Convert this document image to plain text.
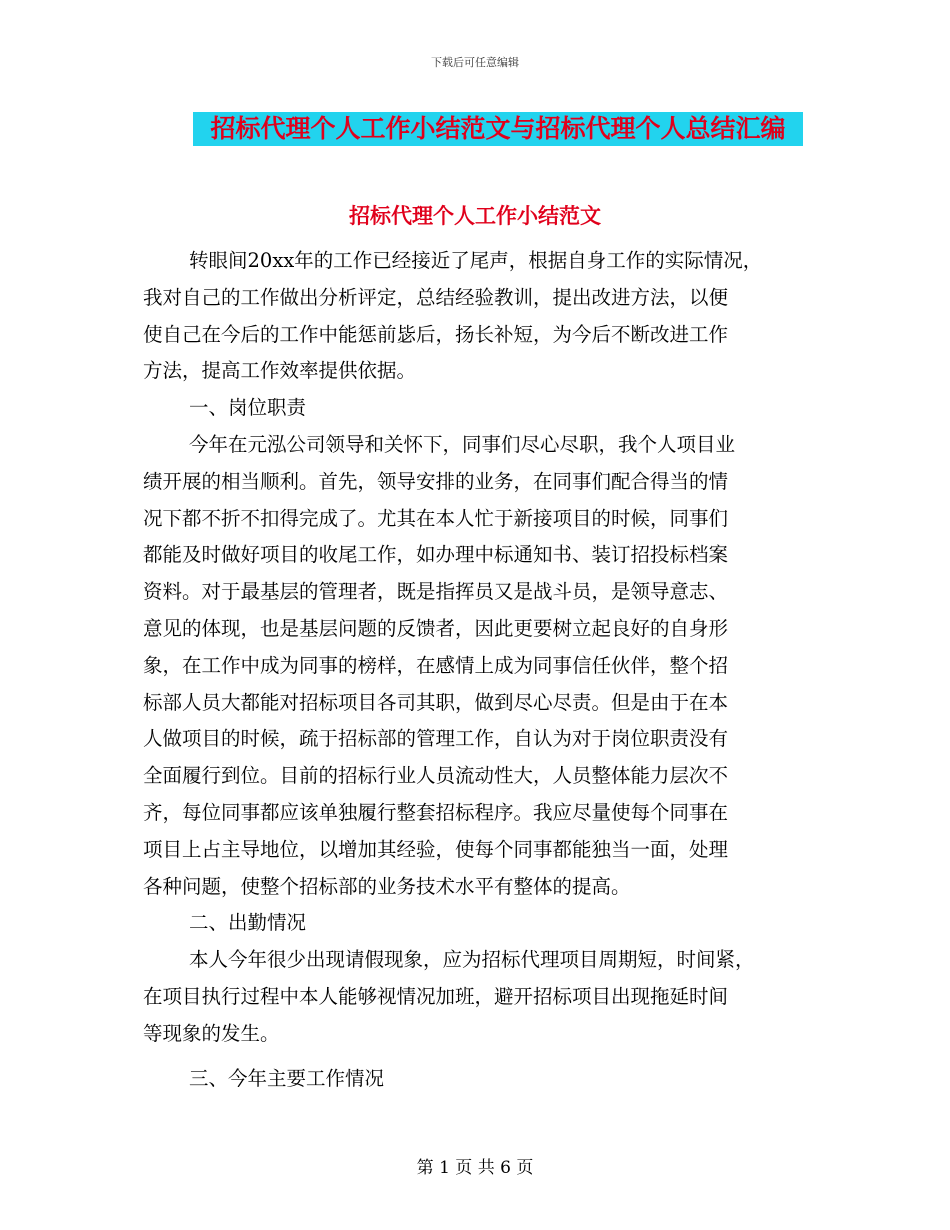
下载后可任意编辑
招标代理个人工作小结范文与招标代理个人总结汇编
招标代理个人工作小结范文
转眼间20xx年的工作已经接近了尾声，根据自身工作的实际情况，
我对自己的工作做出分析评定，总结经验教训，提出改进方法，以便
使自己在今后的工作中能惩前毖后，扬长补短，为今后不断改进工作
方法，提高工作效率提供依据。
一、岗位职责
今年在元泓公司领导和关怀下，同事们尽心尽职，我个人项目业
绩开展的相当顺利。首先，领导安排的业务，在同事们配合得当的情
况下都不折不扣得完成了。尤其在本人忙于新接项目的时候，同事们
都能及时做好项目的收尾工作，如办理中标通知书、装订招投标档案
资料。对于最基层的管理者，既是指挥员又是战斗员，是领导意志、
意见的体现，也是基层问题的反馈者，因此更要树立起良好的自身形
象，在工作中成为同事的榜样，在感情上成为同事信任伙伴，整个招
标部人员大都能对招标项目各司其职，做到尽心尽责。但是由于在本
人做项目的时候，疏于招标部的管理工作，自认为对于岗位职责没有
全面履行到位。目前的招标行业人员流动性大，人员整体能力层次不
齐，每位同事都应该单独履行整套招标程序。我应尽量使每个同事在
项目上占主导地位，以增加其经验，使每个同事都能独当一面，处理
各种问题，使整个招标部的业务技术水平有整体的提高。
二、出勤情况
本人今年很少出现请假现象，应为招标代理项目周期短，时间紧，
在项目执行过程中本人能够视情况加班，避开招标项目出现拖延时间
等现象的发生。
三、今年主要工作情况
第 1 页 共 6 页
